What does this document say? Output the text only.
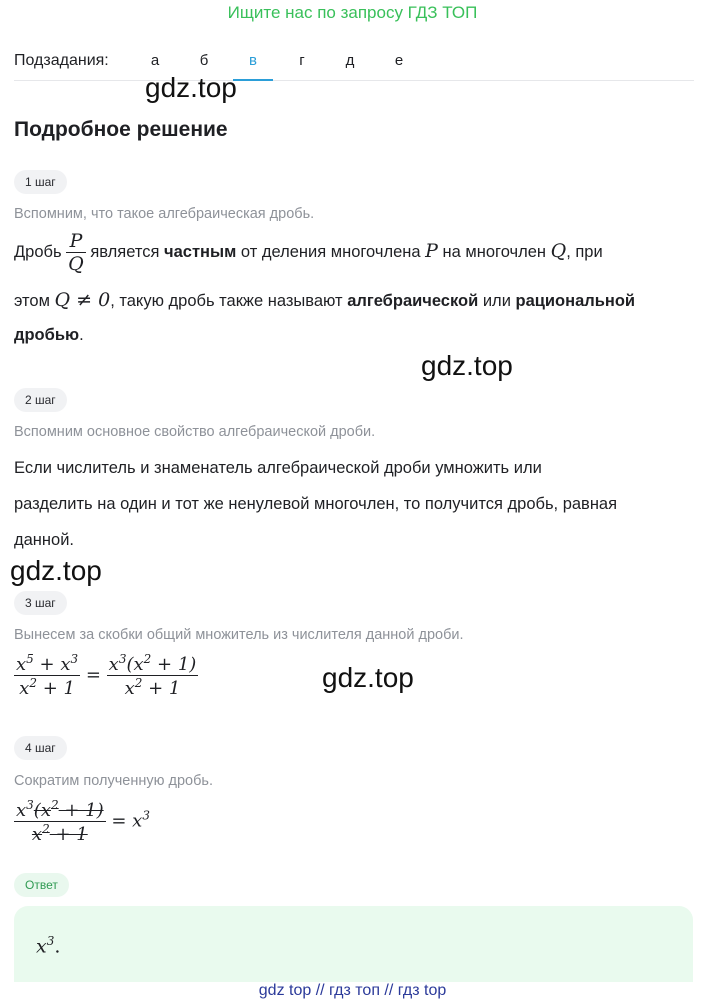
Ищите нас по запросу ГДЗ ТОП
Подзадания:	а	б	в	г	д	е
gdz.top
Подробное решение
1 шаг
Вспомним, что такое алгебраическая дробь.
Дробь $\frac{P}{Q}$ является частным от деления многочлена P на многочлен Q, при
этом Q ≠ 0, такую дробь также называют алгебраической или рациональной
дробью.
gdz.top
2 шаг
Вспомним основное свойство алгебраической дроби.
Если числитель и знаменатель алгебраической дроби умножить или
разделить на один и тот же ненулевой многочлен, то получится дробь, равная
данной.
gdz.top
3 шаг
Вынесем за скобки общий множитель из числителя данной дроби.
$\frac{x^5 + x^3}{x^2 + 1} = \frac{x^3(x^2 + 1)}{x^2 + 1}$	gdz.top
4 шаг
Сократим полученную дробь.
$\frac{x^3(x^2 + 1)}{x^2 + 1} = x^3$
Ответ
$x^3$.
gdz top // гдз топ // гдз top
